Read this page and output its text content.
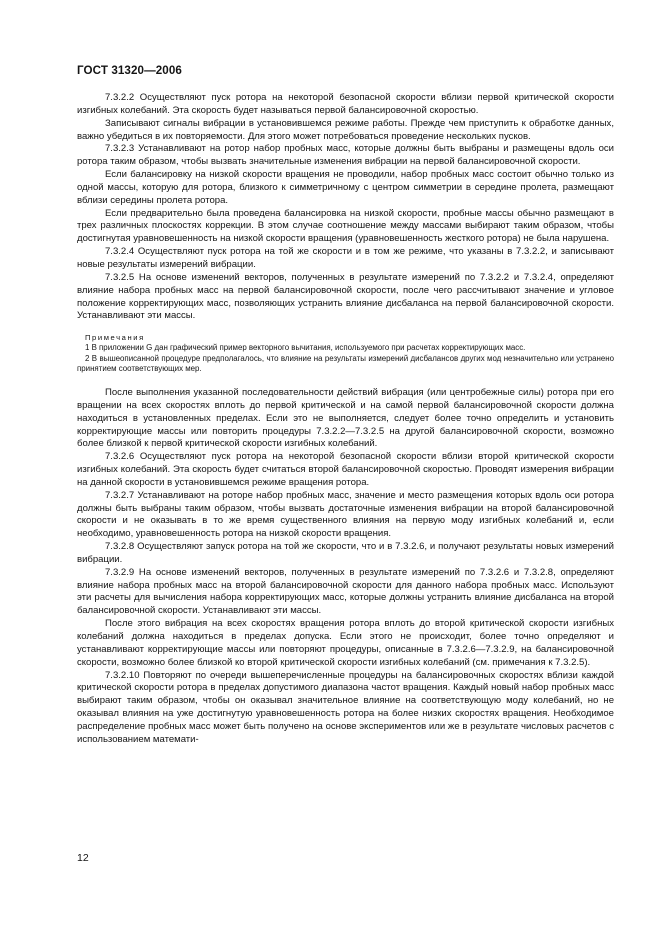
ГОСТ 31320—2006

7.3.2.2 Осуществляют пуск ротора на некоторой безопасной скорости вблизи первой критической скорости изгибных колебаний. Эта скорость будет называться первой балансировочной скоростью.

Записывают сигналы вибрации в установившемся режиме работы. Прежде чем приступить к обработке данных, важно убедиться в их повторяемости. Для этого может потребоваться проведение нескольких пусков.

7.3.2.3 Устанавливают на ротор набор пробных масс, которые должны быть выбраны и размещены вдоль оси ротора таким образом, чтобы вызвать значительные изменения вибрации на первой балансировочной скорости.

Если балансировку на низкой скорости вращения не проводили, набор пробных масс состоит обычно только из одной массы, которую для ротора, близкого к симметричному с центром симметрии в середине пролета, размещают вблизи середины пролета ротора.

Если предварительно была проведена балансировка на низкой скорости, пробные массы обычно размещают в трех различных плоскостях коррекции. В этом случае соотношение между массами выбирают таким образом, чтобы достигнутая уравновешенность на низкой скорости вращения (уравновешенность жесткого ротора) не была нарушена.

7.3.2.4 Осуществляют пуск ротора на той же скорости и в том же режиме, что указаны в 7.3.2.2, и записывают новые результаты измерений вибрации.

7.3.2.5 На основе изменений векторов, полученных в результате измерений по 7.3.2.2 и 7.3.2.4, определяют влияние набора пробных масс на первой балансировочной скорости, после чего рассчитывают значение и угловое положение корректирующих масс, позволяющих устранить влияние дисбаланса на первой балансировочной скорости. Устанавливают эти массы.

Примечания

1 В приложении G дан графический пример векторного вычитания, используемого при расчетах корректирующих масс.

2 В вышеописанной процедуре предполагалось, что влияние на результаты измерений дисбалансов других мод незначительно или устранено принятием соответствующих мер.

После выполнения указанной последовательности действий вибрация (или центробежные силы) ротора при его вращении на всех скоростях вплоть до первой критической и на самой первой балансировочной скорости должна находиться в установленных пределах. Если это не выполняется, следует более точно определить и установить корректирующие массы или повторить процедуры 7.3.2.2—7.3.2.5 на другой балансировочной скорости, возможно более близкой к первой критической скорости изгибных колебаний.

7.3.2.6 Осуществляют пуск ротора на некоторой безопасной скорости вблизи второй критической скорости изгибных колебаний. Эта скорость будет считаться второй балансировочной скоростью. Проводят измерения вибрации на данной скорости в установившемся режиме вращения ротора.

7.3.2.7 Устанавливают на роторе набор пробных масс, значение и место размещения которых вдоль оси ротора должны быть выбраны таким образом, чтобы вызвать достаточные изменения вибрации на второй балансировочной скорости и не оказывать в то же время существенного влияния на первую моду изгибных колебаний и, если необходимо, уравновешенность ротора на низкой скорости вращения.

7.3.2.8 Осуществляют запуск ротора на той же скорости, что и в 7.3.2.6, и получают результаты новых измерений вибрации.

7.3.2.9 На основе изменений векторов, полученных в результате измерений по 7.3.2.6 и 7.3.2.8, определяют влияние набора пробных масс на второй балансировочной скорости для данного набора пробных масс. Используют эти расчеты для вычисления набора корректирующих масс, которые должны устранить влияние дисбаланса на второй балансировочной скорости. Устанавливают эти массы.

После этого вибрация на всех скоростях вращения ротора вплоть до второй критической скорости изгибных колебаний должна находиться в пределах допуска. Если этого не происходит, более точно определяют и устанавливают корректирующие массы или повторяют процедуры, описанные в 7.3.2.6—7.3.2.9, на балансировочной скорости, возможно более близкой ко второй критической скорости изгибных колебаний (см. примечания к 7.3.2.5).

7.3.2.10 Повторяют по очереди вышеперечисленные процедуры на балансировочных скоростях вблизи каждой критической скорости ротора в пределах допустимого диапазона частот вращения. Каждый новый набор пробных масс выбирают таким образом, чтобы он оказывал значительное влияние на соответствующую моду колебаний, но не оказывал влияния на уже достигнутую уравновешенность ротора на более низких скоростях вращения. Необходимое распределение пробных масс может быть получено на основе экспериментов или же в результате числовых расчетов с использованием математи-

12
